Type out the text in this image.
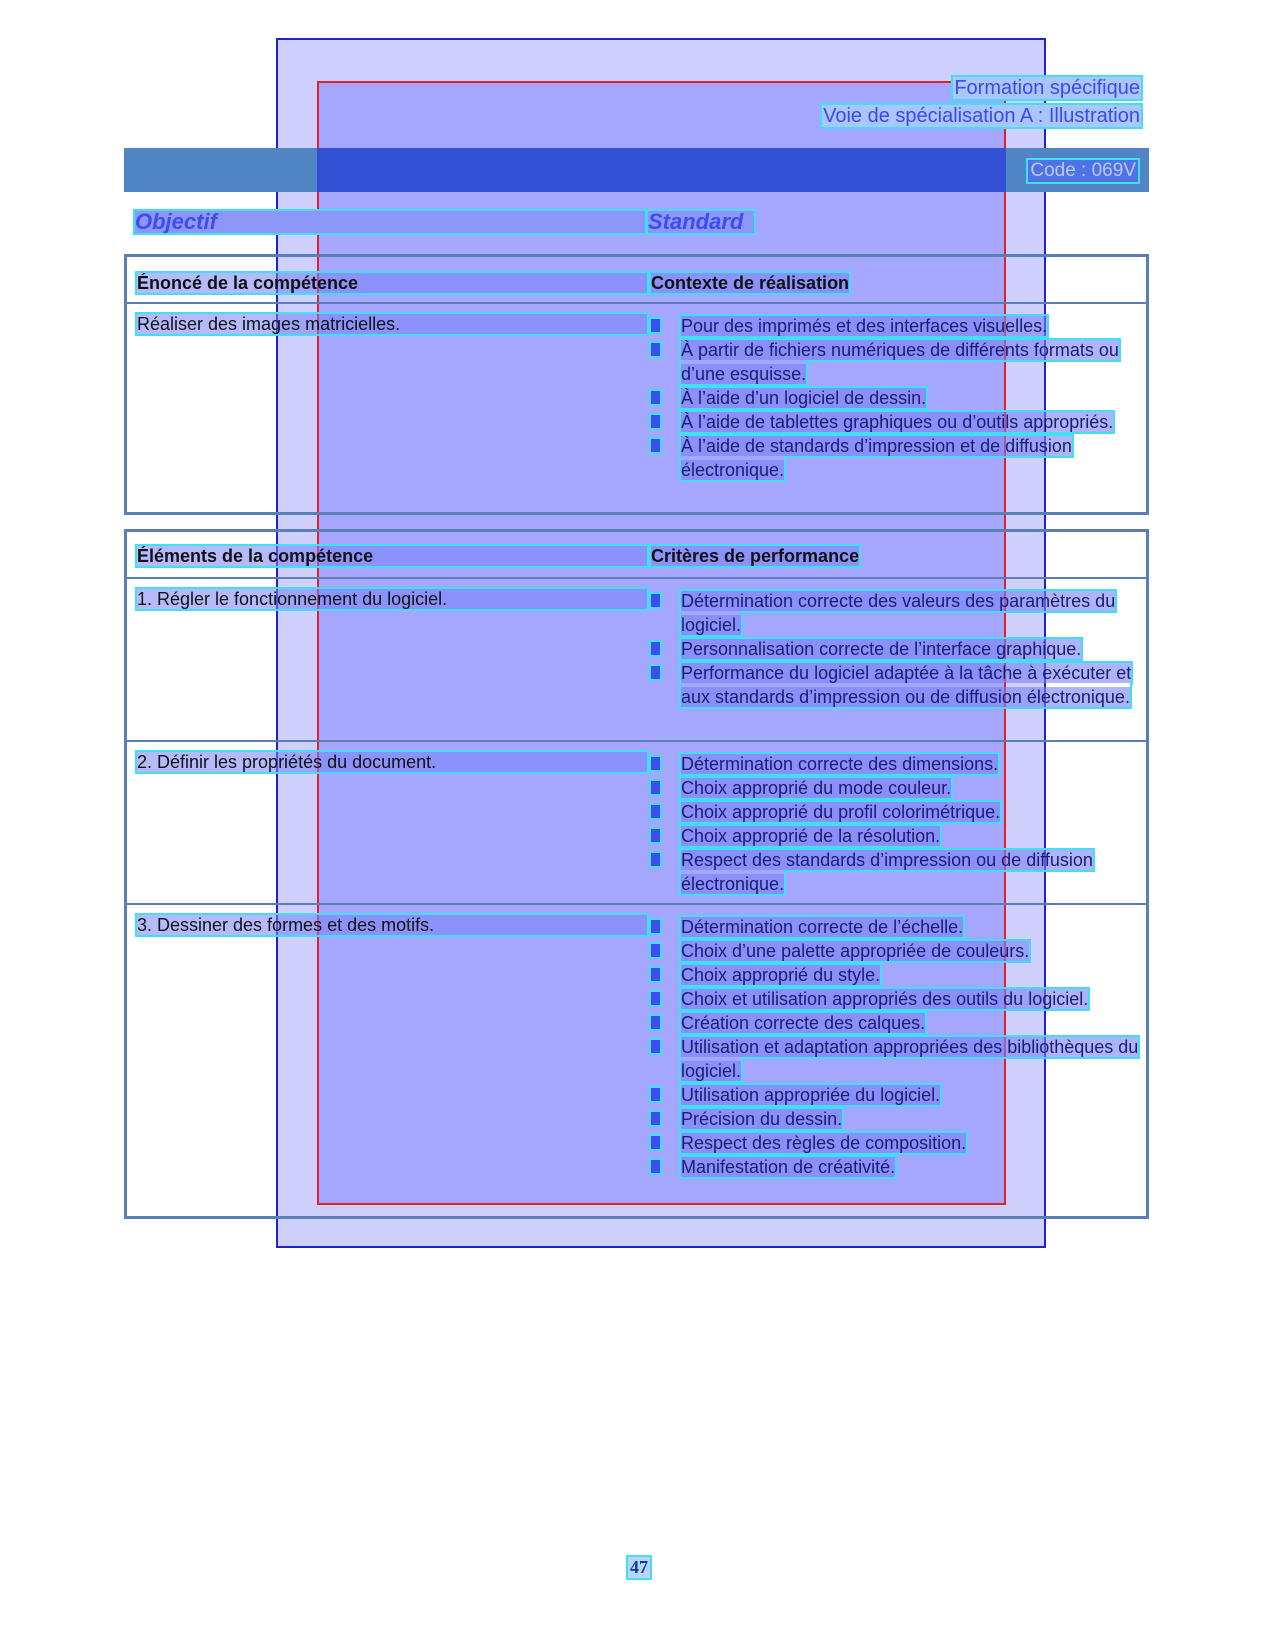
Formation spécifique
Voie de spécialisation A : Illustration
Code : 069V
Objectif	Standard
Énoncé de la compétence	Contexte de réalisation
Réaliser des images matricielles.	Pour des imprimés et des interfaces visuelles.
À partir de fichiers numériques de différents formats ou d’une esquisse.
À l’aide d’un logiciel de dessin.
À l’aide de tablettes graphiques ou d’outils appropriés.
À l’aide de standards d’impression et de diffusion électronique.
Éléments de la compétence	Critères de performance
1. Régler le fonctionnement du logiciel.	Détermination correcte des valeurs des paramètres du logiciel.
Personnalisation correcte de l’interface graphique.
Performance du logiciel adaptée à la tâche à exécuter et aux standards d’impression ou de diffusion électronique.
2. Définir les propriétés du document.	Détermination correcte des dimensions.
Choix approprié du mode couleur.
Choix approprié du profil colorimétrique.
Choix approprié de la résolution.
Respect des standards d’impression ou de diffusion électronique.
3. Dessiner des formes et des motifs.	Détermination correcte de l’échelle.
Choix d’une palette appropriée de couleurs.
Choix approprié du style.
Choix et utilisation appropriés des outils du logiciel.
Création correcte des calques.
Utilisation et adaptation appropriées des bibliothèques du logiciel.
Utilisation appropriée du logiciel.
Précision du dessin.
Respect des règles de composition.
Manifestation de créativité.
47
